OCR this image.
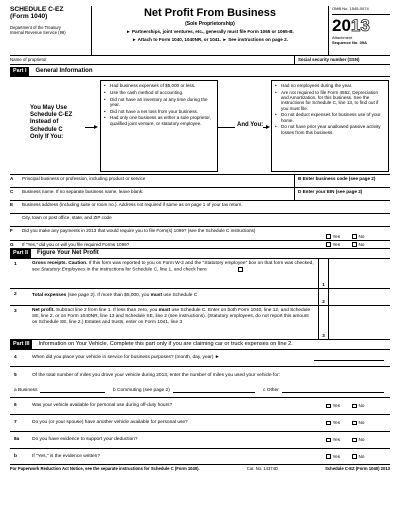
SCHEDULE C-EZ
(Form 1040)
Department of the Treasury
Internal Revenue Service (99)
Net Profit From Business
(Sole Proprietorship)
► Partnerships, joint ventures, etc., generally must file Form 1065 or 1065-B.
► Attach to Form 1040, 1040NR, or 1041. ► See instructions on page 2.
OMB No. 1545-0074
2013
Attachment
Sequence No. 09A
Name of proprietor	Social security number (SSN)
Part I	General Information
You May Use
Schedule C-EZ
Instead of
Schedule C
Only If You:
• Had business expenses of $5,000 or less.
• Use the cash method of accounting.
• Did not have an inventory at any time during the year.
• Did not have a net loss from your business.
• Had only one business as either a sole proprietor, qualified joint venture, or statutory employee.	And You:
• Had no employees during the year.
• Are not required to file Form 4562, Depreciation and Amortization, for this business. See the instructions for Schedule C, line 13, to find out if you must file.
• Do not deduct expenses for business use of your home.
• Do not have prior year unallowed passive activity losses from this business.
A	Principal business or profession, including product or service	B Enter business code (see page 2)
C	Business name. If no separate business name, leave blank.	D Enter your EIN (see page 2)
E	Business address (including suite or room no.). Address not required if same as on page 1 of your tax return.
City, town or post office, state, and ZIP code
F	Did you make any payments in 2013 that would require you to file Form(s) 1099? (see the Schedule C instructions)
Yes	No
G	If "Yes," did you or will you file required Forms 1099?	Yes	No
Part II	Figure Your Net Profit
1	Gross receipts. Caution. If this form was reported to you on Form W-2 and the "Statutory employee" box on that form was checked, see Statutory Employees in the instructions for Schedule C, line 1, and check here
1
2	Total expenses (see page 2). If more than $5,000, you must use Schedule C
2
3	Net profit. Subtract line 2 from line 1. If less than zero, you must use Schedule C. Enter on both Form 1040, line 12, and Schedule SE, line 2, or on Form 1040NR, line 13 and Schedule SE, line 2 (see instructions). (Statutory employees, do not report this amount on Schedule SE, line 2.) Estates and trusts, enter on Form 1041, line 3
3
Part III	Information on Your Vehicle. Complete this part only if you are claiming car or truck expenses on line 2.
4	When did you place your vehicle in service for business purposes? (month, day, year) ►
5	Of the total number of miles you drove your vehicle during 2013, enter the number of miles you used your vehicle for:
a Business	b Commuting (see page 2)	c Other
6	Was your vehicle available for personal use during off-duty hours?	Yes	No
7	Do you (or your spouse) have another vehicle available for personal use?	Yes	No
8a	Do you have evidence to support your deduction?	Yes	No
b	If "Yes," is the evidence written?	Yes	No
For Paperwork Reduction Act Notice, see the separate instructions for Schedule C (Form 1040).	Cat. No. 14374D	Schedule C-EZ (Form 1040) 2013
